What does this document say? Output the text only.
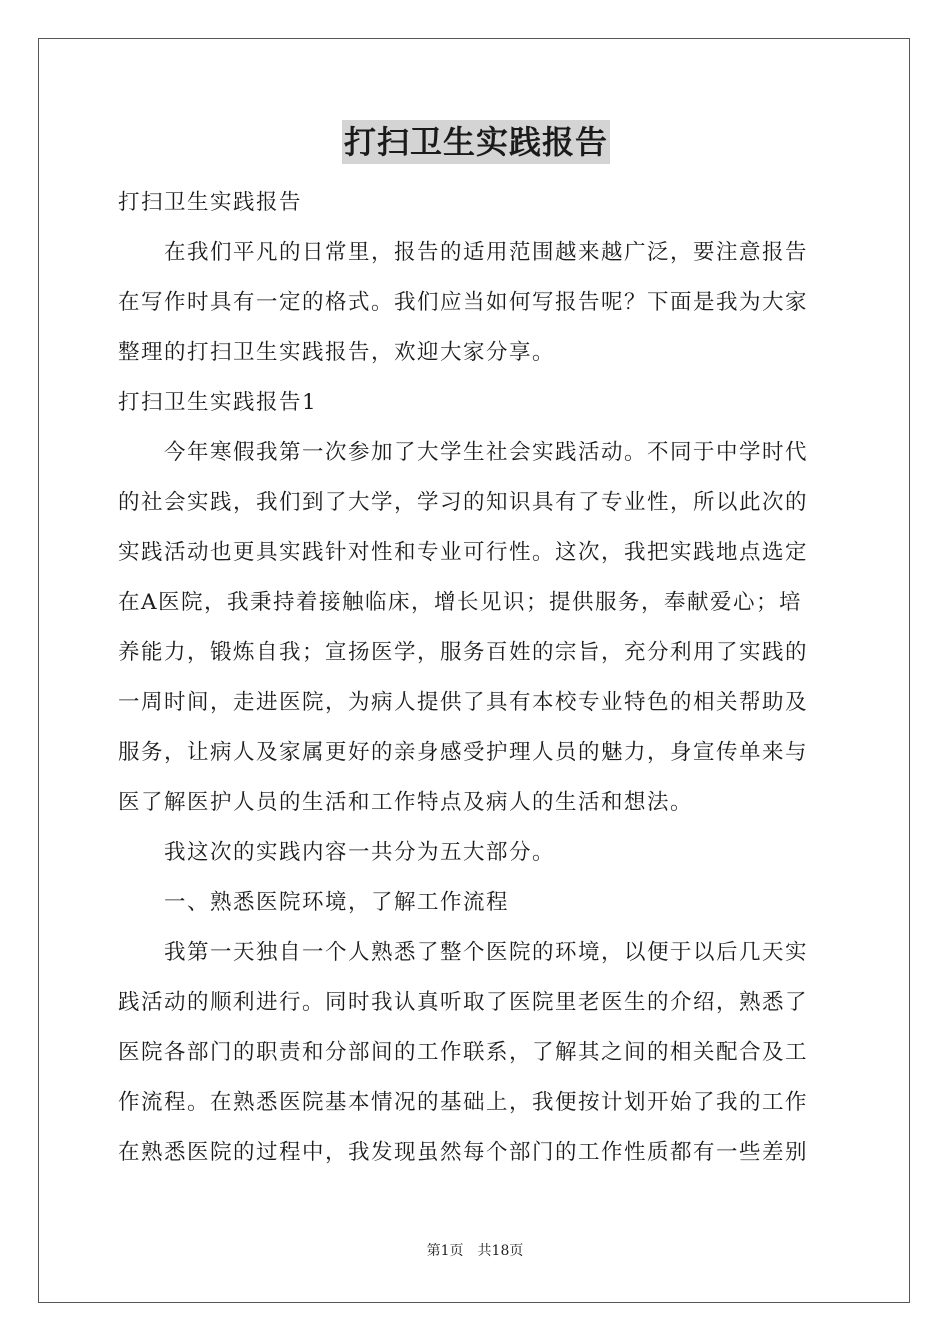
打扫卫生实践报告
打扫卫生实践报告
在我们平凡的日常里，报告的适用范围越来越广泛，要注意报告
在写作时具有一定的格式。我们应当如何写报告呢？下面是我为大家
整理的打扫卫生实践报告，欢迎大家分享。
打扫卫生实践报告1
今年寒假我第一次参加了大学生社会实践活动。不同于中学时代
的社会实践，我们到了大学，学习的知识具有了专业性，所以此次的
实践活动也更具实践针对性和专业可行性。这次，我把实践地点选定
在A医院，我秉持着接触临床，增长见识；提供服务，奉献爱心；培
养能力，锻炼自我；宣扬医学，服务百姓的宗旨，充分利用了实践的
一周时间，走进医院，为病人提供了具有本校专业特色的相关帮助及
服务，让病人及家属更好的亲身感受护理人员的魅力，身宣传单来与
医了解医护人员的生活和工作特点及病人的生活和想法。
我这次的实践内容一共分为五大部分。
一、熟悉医院环境，了解工作流程
我第一天独自一个人熟悉了整个医院的环境，以便于以后几天实
践活动的顺利进行。同时我认真听取了医院里老医生的介绍，熟悉了
医院各部门的职责和分部间的工作联系，了解其之间的相关配合及工
作流程。在熟悉医院基本情况的基础上，我便按计划开始了我的工作
在熟悉医院的过程中，我发现虽然每个部门的工作性质都有一些差别
第1页 共18页
